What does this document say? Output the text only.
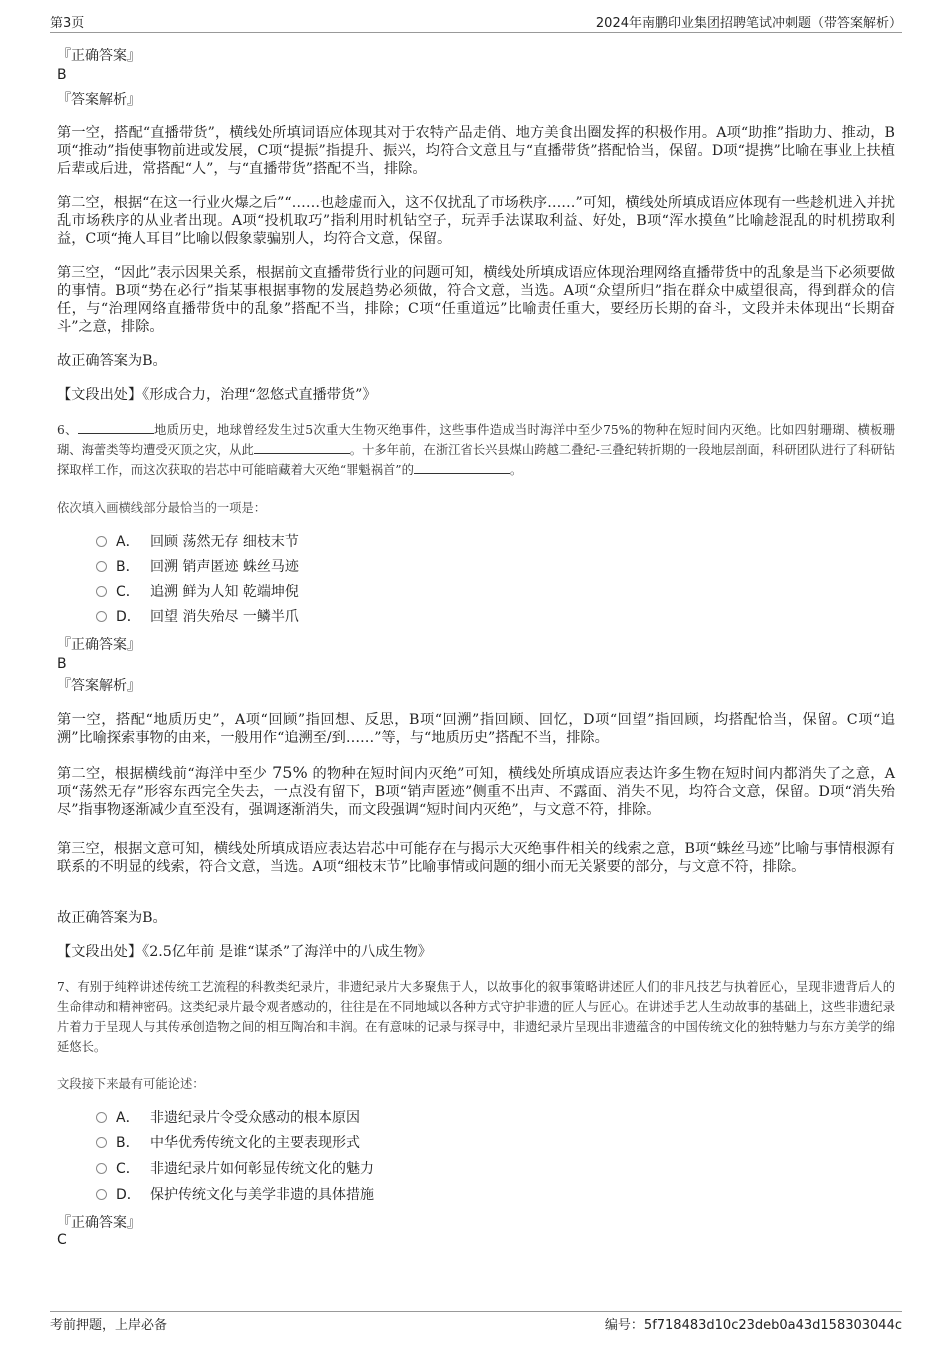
第3页	2024年南鹏印业集团招聘笔试冲刺题（带答案解析）
『正确答案』
B
『答案解析』
第一空，搭配“直播带货”，横线处所填词语应体现其对于农特产品走俏、地方美食出圈发挥的积极作用。A项“助推”指助力、推动，B项“推动”指使事物前进或发展，C项“提振”指提升、振兴，均符合文意且与“直播带货”搭配恰当，保留。D项“提携”比喻在事业上扶植后辈或后进，常搭配“人”，与“直播带货”搭配不当，排除。
第二空，根据“在这一行业火爆之后”“……也趁虚而入，这不仅扰乱了市场秩序……”可知，横线处所填成语应体现有一些趁机进入并扰乱市场秩序的从业者出现。A项“投机取巧”指利用时机钻空子，玩弄手法谋取利益、好处，B项“浑水摸鱼”比喻趁混乱的时机捞取利益，C项“掩人耳目”比喻以假象蒙骗别人，均符合文意，保留。
第三空，“因此”表示因果关系，根据前文直播带货行业的问题可知，横线处所填成语应体现治理网络直播带货中的乱象是当下必须要做的事情。B项“势在必行”指某事根据事物的发展趋势必须做，符合文意，当选。A项“众望所归”指在群众中威望很高，得到群众的信任，与“治理网络直播带货中的乱象”搭配不当，排除；C项“任重道远”比喻责任重大，要经历长期的奋斗，文段并未体现出“长期奋斗”之意，排除。
故正确答案为B。
【文段出处】《形成合力，治理“忽悠式直播带货”》
6、	地质历史，地球曾经发生过5次重大生物灭绝事件，这些事件造成当时海洋中至少75%的物种在短时间内灭绝。比如四射珊瑚、横板珊瑚、海蕾类等均遭受灭顶之灾，从此	。十多年前，在浙江省长兴县煤山跨越二叠纪-三叠纪转折期的一段地层剖面，科研团队进行了科研钻探取样工作，而这次获取的岩芯中可能暗藏着大灭绝“罪魁祸首”的	。
依次填入画横线部分最恰当的一项是：
A． 回顾 荡然无存 细枝末节
B． 回溯 销声匿迹 蛛丝马迹
C． 追溯 鲜为人知 乾端坤倪
D． 回望 消失殆尽 一鳞半爪
『正确答案』
B
『答案解析』
第一空，搭配“地质历史”，A项“回顾”指回想、反思，B项“回溯”指回顾、回忆，D项“回望”指回顾，均搭配恰当，保留。C项“追溯”比喻探索事物的由来，一般用作“追溯至/到……”等，与“地质历史”搭配不当，排除。
第二空，根据横线前“海洋中至少 75% 的物种在短时间内灭绝”可知，横线处所填成语应表达许多生物在短时间内都消失了之意，A项“荡然无存”形容东西完全失去，一点没有留下，B项“销声匿迹”侧重不出声、不露面、消失不见，均符合文意，保留。D项“消失殆尽”指事物逐渐减少直至没有，强调逐渐消失，而文段强调“短时间内灭绝”，与文意不符，排除。
第三空，根据文意可知，横线处所填成语应表达岩芯中可能存在与揭示大灭绝事件相关的线索之意，B项“蛛丝马迹”比喻与事情根源有联系的不明显的线索，符合文意，当选。A项“细枝末节”比喻事情或问题的细小而无关紧要的部分，与文意不符，排除。
故正确答案为B。
【文段出处】《2.5亿年前 是谁“谋杀”了海洋中的八成生物》
7、有别于纯粹讲述传统工艺流程的科教类纪录片，非遗纪录片大多聚焦于人，以故事化的叙事策略讲述匠人们的非凡技艺与执着匠心，呈现非遗背后人的生命律动和精神密码。这类纪录片最令观者感动的，往往是在不同地域以各种方式守护非遗的匠人与匠心。在讲述手艺人生动故事的基础上，这些非遗纪录片着力于呈现人与其传承创造物之间的相互陶冶和丰润。在有意味的记录与探寻中，非遗纪录片呈现出非遗蕴含的中国传统文化的独特魅力与东方美学的绵延悠长。
文段接下来最有可能论述：
A． 非遗纪录片令受众感动的根本原因
B． 中华优秀传统文化的主要表现形式
C． 非遗纪录片如何彰显传统文化的魅力
D． 保护传统文化与美学非遗的具体措施
『正确答案』
C
考前押题，上岸必备	编号：5f718483d10c23deb0a43d158303044c
